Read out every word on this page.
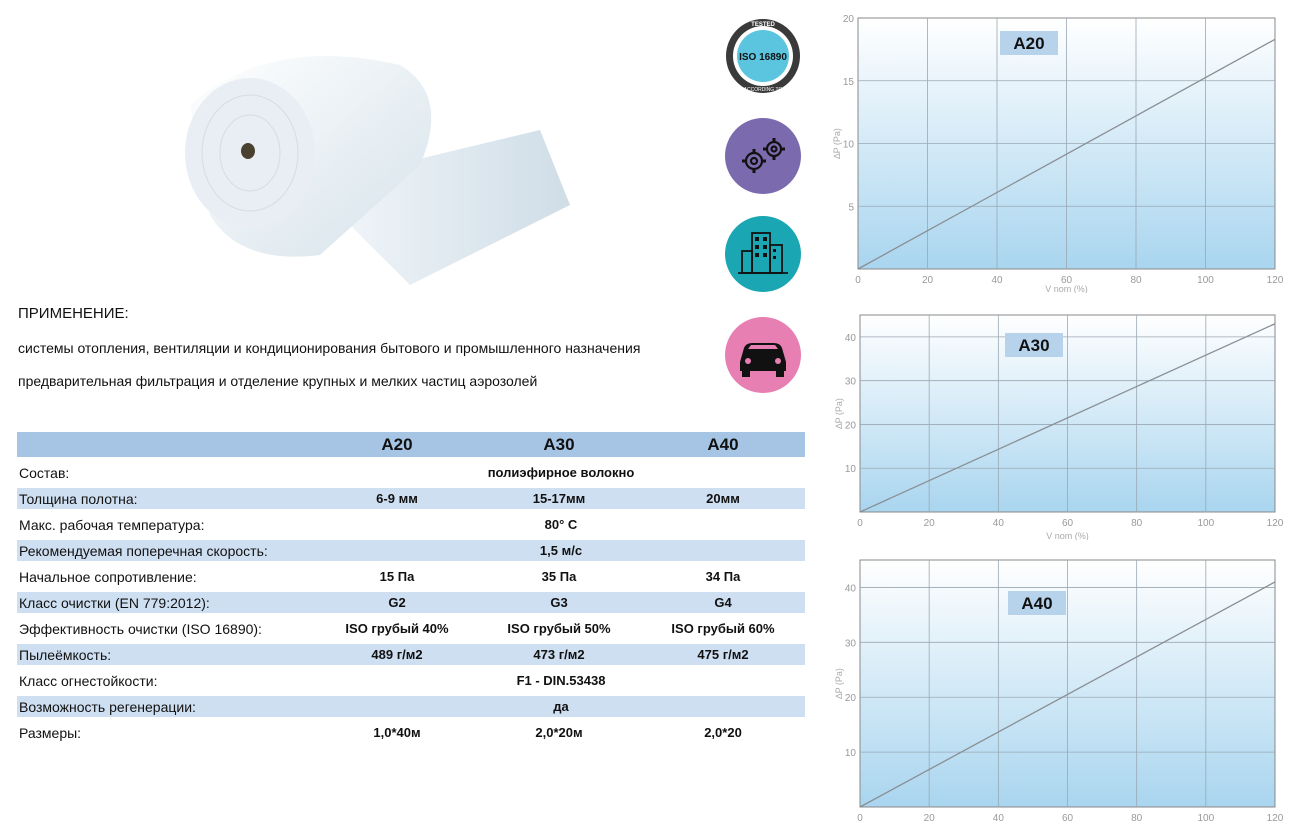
ПРИМЕНЕНИЕ:
системы отопления, вентиляции и кондиционирования бытового и промышленного назначения
предварительная фильтрация и отделение крупных и мелких частиц аэрозолей
TESTED
ISO 16890
ACCORDING TO
	A20	A30	A40
Состав:	полиэфирное волокно		
Толщина полотна:	6-9 мм	15-17мм	20мм
Макс. рабочая температура:	80° C		
Рекомендуемая поперечная скорость:	1,5 м/с		
Начальное сопротивление:	15 Па	35 Па	34 Па
Класс очистки (EN 779:2012):	G2	G3	G4
Эффективность очистки (ISO 16890):	ISO грубый 40%	ISO грубый 50%	ISO грубый 60%
Пылеёмкость:	489 г/м2	473 г/м2	475 г/м2
Класс огнестойкости:	F1 - DIN.53438		
Возможность регенерации:	да		
Размеры:	1,0*40м	2,0*20м	2,0*20
0	20	40	60	80	100	120
5
10
15
20
∆P (Pa)
V nom (%)
A20
0	20	40	60	80	100	120
10
20
30
40
∆P (Pa)
V nom (%)
A30
0	20	40	60	80	100	120
10
20
30
40
∆P (Pa)
A40
